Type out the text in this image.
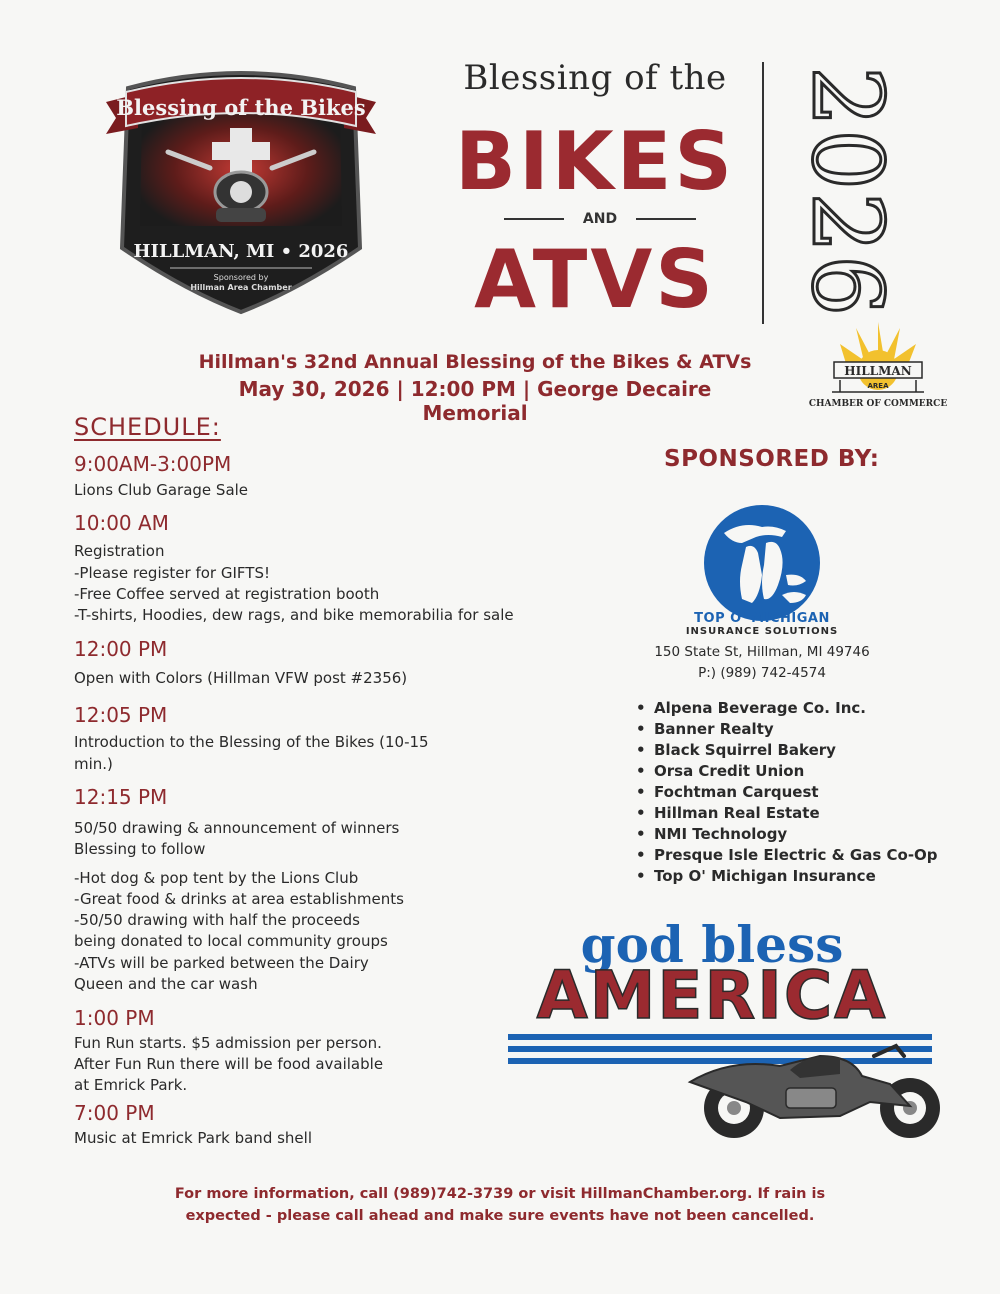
Blessing of the Bikes
HILLMAN, MI • 2026
Sponsored by
Hillman Area Chamber
Blessing of the
BIKES
AND
ATVS 2026
Hillman's 32nd Annual Blessing of the Bikes & ATVs
May 30, 2026 | 12:00 PM | George Decaire Memorial
HILLMAN
AREA
CHAMBER OF COMMERCE
SCHEDULE:
9:00AM-3:00PM
Lions Club Garage Sale
10:00 AM
Registration
-Please register for GIFTS!
-Free Coffee served at registration booth
-T-shirts, Hoodies, dew rags, and bike memorabilia for sale
12:00 PM
Open with Colors (Hillman VFW post #2356)
12:05 PM
Introduction to the Blessing of the Bikes (10-15
min.)
12:15 PM
50/50 drawing & announcement of winners
Blessing to follow
-Hot dog & pop tent by the Lions Club
-Great food & drinks at area establishments
-50/50 drawing with half the proceeds
being donated to local community groups
-ATVs will be parked between the Dairy
Queen and the car wash
1:00 PM
Fun Run starts. $5 admission per person.
After Fun Run there will be food available
at Emrick Park.
7:00 PM
Music at Emrick Park band shell
SPONSORED BY:
TOP O' MICHIGAN
INSURANCE SOLUTIONS
150 State St, Hillman, MI 49746
P:) (989) 742-4574
• Alpena Beverage Co. Inc.
• Banner Realty
• Black Squirrel Bakery
• Orsa Credit Union
• Fochtman Carquest
• Hillman Real Estate
• NMI Technology
• Presque Isle Electric & Gas Co-Op
• Top O' Michigan Insurance
god bless
AMERICA
For more information, call (989)742-3739 or visit HillmanChamber.org. If rain is
expected - please call ahead and make sure events have not been cancelled.
